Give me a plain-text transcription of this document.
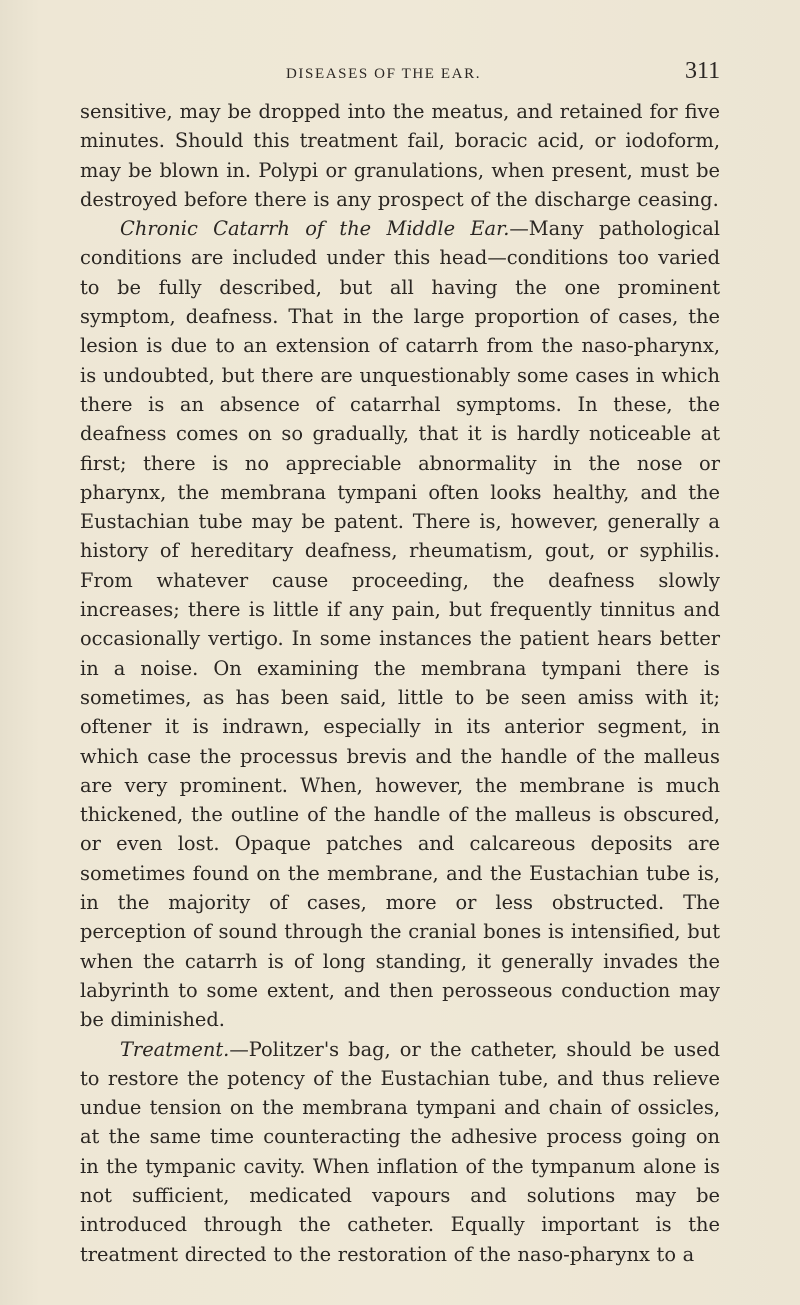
DISEASES OF THE EAR.	311

sensitive, may be dropped into the meatus, and retained for five minutes. Should this treatment fail, boracic acid, or iodoform, may be blown in. Polypi or granulations, when present, must be destroyed before there is any prospect of the discharge ceasing.

Chronic Catarrh of the Middle Ear.—Many pathological conditions are included under this head—conditions too varied to be fully described, but all having the one prominent symptom, deafness. That in the large proportion of cases, the lesion is due to an extension of catarrh from the naso-pharynx, is undoubted, but there are unquestionably some cases in which there is an absence of catarrhal symptoms. In these, the deafness comes on so gradually, that it is hardly noticeable at first; there is no appreciable abnormality in the nose or pharynx, the membrana tympani often looks healthy, and the Eustachian tube may be patent. There is, however, generally a history of hereditary deafness, rheumatism, gout, or syphilis. From whatever cause proceeding, the deafness slowly increases; there is little if any pain, but frequently tinnitus and occasionally vertigo. In some instances the patient hears better in a noise. On examining the membrana tympani there is sometimes, as has been said, little to be seen amiss with it; oftener it is indrawn, especially in its anterior segment, in which case the processus brevis and the handle of the malleus are very prominent. When, however, the membrane is much thickened, the outline of the handle of the malleus is obscured, or even lost. Opaque patches and calcareous deposits are sometimes found on the membrane, and the Eustachian tube is, in the majority of cases, more or less obstructed. The perception of sound through the cranial bones is intensified, but when the catarrh is of long standing, it generally invades the labyrinth to some extent, and then perosseous conduction may be diminished.

Treatment.—Politzer's bag, or the catheter, should be used to restore the potency of the Eustachian tube, and thus relieve undue tension on the membrana tympani and chain of ossicles, at the same time counteracting the adhesive process going on in the tympanic cavity. When inflation of the tympanum alone is not sufficient, medicated vapours and solutions may be introduced through the catheter. Equally important is the treatment directed to the restoration of the naso-pharynx to a
